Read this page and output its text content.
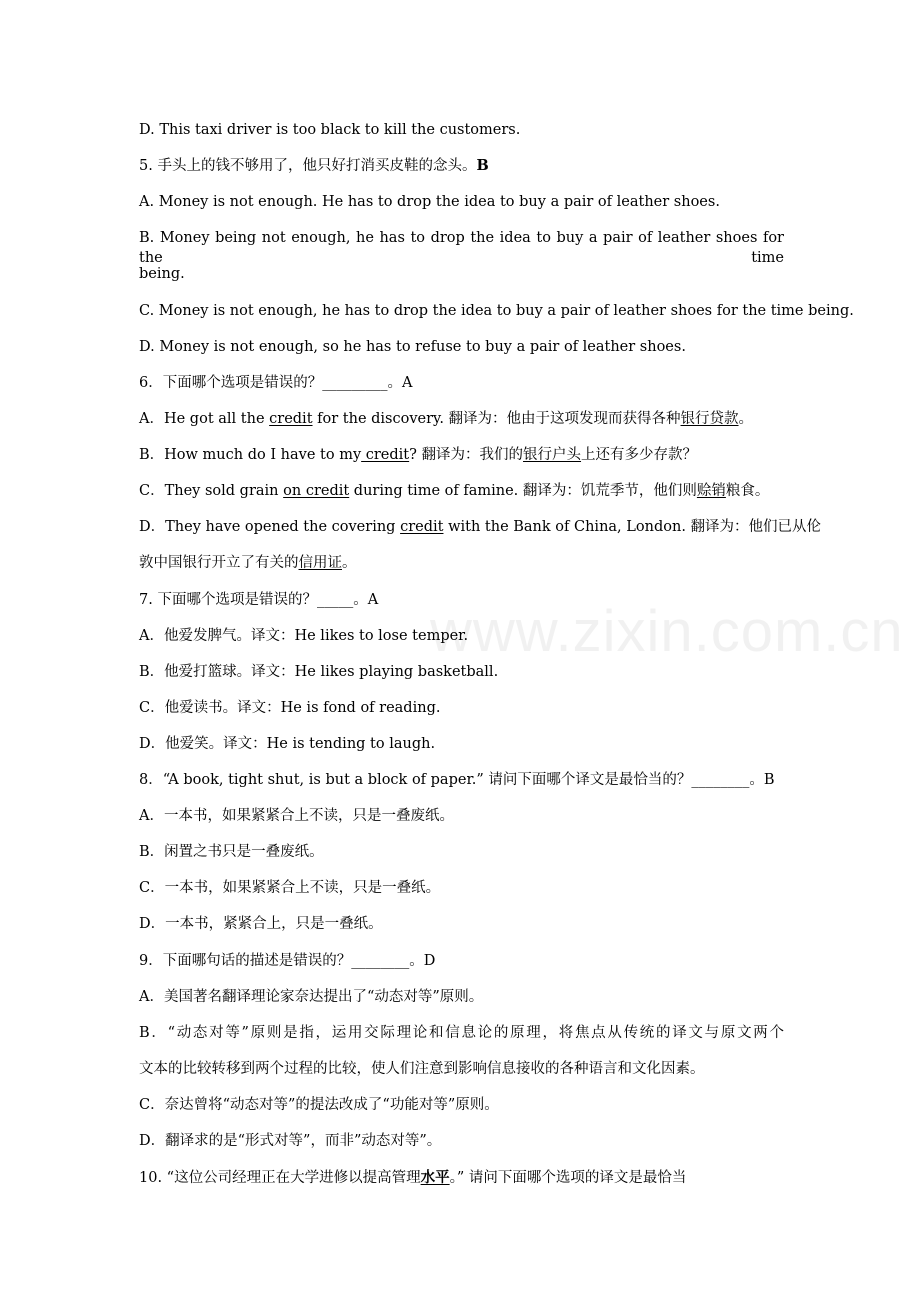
www.zixin.com.cn
D. This taxi driver is too black to kill the customers.
5. 手头上的钱不够用了，他只好打消买皮鞋的念头。B
A. Money is not enough. He has to drop the idea to buy a pair of leather shoes.
B. Money being not enough, he has to drop the idea to buy a pair of leather shoes for the time
being.
C. Money is not enough, he has to drop the idea to buy a pair of leather shoes for the time being.
D. Money is not enough, so he has to refuse to buy a pair of leather shoes.
6．下面哪个选项是错误的？_________。A
A．He got all the credit for the discovery. 翻译为：他由于这项发现而获得各种银行贷款。
B．How much do I have to my credit? 翻译为：我们的银行户头上还有多少存款？
C．They sold grain on credit during time of famine. 翻译为：饥荒季节，他们则赊销粮食。
D．They have opened the covering credit with the Bank of China, London. 翻译为：他们已从伦
敦中国银行开立了有关的信用证。
7. 下面哪个选项是错误的？_____。A
A．他爱发脾气。译文：He likes to lose temper.
B．他爱打篮球。译文：He likes playing basketball.
C．他爱读书。译文：He is fond of reading.
D．他爱笑。译文：He is tending to laugh.
8．“A book, tight shut, is but a block of paper.” 请问下面哪个译文是最恰当的？________。B
A．一本书，如果紧紧合上不读，只是一叠废纸。
B．闲置之书只是一叠废纸。
C．一本书，如果紧紧合上不读，只是一叠纸。
D．一本书，紧紧合上，只是一叠纸。
9．下面哪句话的描述是错误的？________。D
A．美国著名翻译理论家奈达提出了“动态对等”原则。
B．“动态对等”原则是指，运用交际理论和信息论的原理，将焦点从传统的译文与原文两个
文本的比较转移到两个过程的比较，使人们注意到影响信息接收的各种语言和文化因素。
C．奈达曾将“动态对等”的提法改成了“功能对等”原则。
D．翻译求的是“形式对等”，而非”动态对等”。
10. “这位公司经理正在大学进修以提高管理水平。” 请问下面哪个选项的译文是最恰当
